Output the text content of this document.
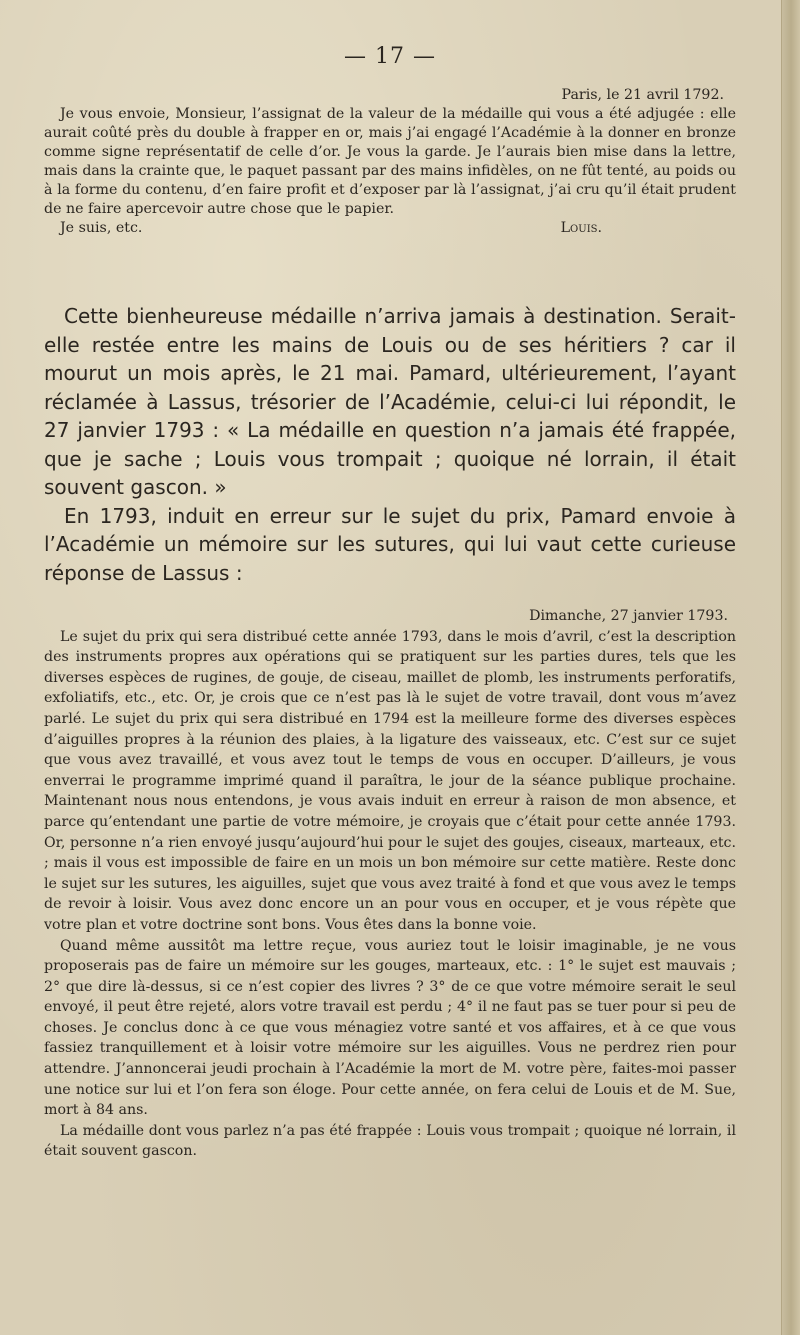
— 17 —

Paris, le 21 avril 1792.

Je vous envoie, Monsieur, l’assignat de la valeur de la médaille qui vous a été adjugée : elle aurait coûté près du double à frapper en or, mais j’ai engagé l’Académie à la donner en bronze comme signe représentatif de celle d’or. Je vous la garde. Je l’aurais bien mise dans la lettre, mais dans la crainte que, le paquet passant par des mains infidèles, on ne fût tenté, au poids ou à la forme du contenu, d’en faire profit et d’exposer par là l’assignat, j’ai cru qu’il était prudent de ne faire apercevoir autre chose que le papier.

Je suis, etc.	Louis.

Cette bienheureuse médaille n’arriva jamais à destination. Serait-elle restée entre les mains de Louis ou de ses héritiers ? car il mourut un mois après, le 21 mai. Pamard, ultérieurement, l’ayant réclamée à Lassus, trésorier de l’Académie, celui-ci lui répondit, le 27 janvier 1793 : « La médaille en question n’a jamais été frappée, que je sache ; Louis vous trompait ; quoique né lorrain, il était souvent gascon. »

En 1793, induit en erreur sur le sujet du prix, Pamard envoie à l’Académie un mémoire sur les sutures, qui lui vaut cette curieuse réponse de Lassus :

Dimanche, 27 janvier 1793.

Le sujet du prix qui sera distribué cette année 1793, dans le mois d’avril, c’est la description des instruments propres aux opérations qui se pratiquent sur les parties dures, tels que les diverses espèces de rugines, de gouje, de ciseau, maillet de plomb, les instruments perforatifs, exfoliatifs, etc., etc. Or, je crois que ce n’est pas là le sujet de votre travail, dont vous m’avez parlé. Le sujet du prix qui sera distribué en 1794 est la meilleure forme des diverses espèces d’aiguilles propres à la réunion des plaies, à la ligature des vaisseaux, etc. C’est sur ce sujet que vous avez travaillé, et vous avez tout le temps de vous en occuper. D’ailleurs, je vous enverrai le programme imprimé quand il paraîtra, le jour de la séance publique prochaine. Maintenant nous nous entendons, je vous avais induit en erreur à raison de mon absence, et parce qu’entendant une partie de votre mémoire, je croyais que c’était pour cette année 1793. Or, personne n’a rien envoyé jusqu’aujourd’hui pour le sujet des goujes, ciseaux, marteaux, etc. ; mais il vous est impossible de faire en un mois un bon mémoire sur cette matière. Reste donc le sujet sur les sutures, les aiguilles, sujet que vous avez traité à fond et que vous avez le temps de revoir à loisir. Vous avez donc encore un an pour vous en occuper, et je vous répète que votre plan et votre doctrine sont bons. Vous êtes dans la bonne voie.

Quand même aussitôt ma lettre reçue, vous auriez tout le loisir imaginable, je ne vous proposerais pas de faire un mémoire sur les gouges, marteaux, etc. : 1° le sujet est mauvais ; 2° que dire là-dessus, si ce n’est copier des livres ? 3° de ce que votre mémoire serait le seul envoyé, il peut être rejeté, alors votre travail est perdu ; 4° il ne faut pas se tuer pour si peu de choses. Je conclus donc à ce que vous ménagiez votre santé et vos affaires, et à ce que vous fassiez tranquillement et à loisir votre mémoire sur les aiguilles. Vous ne perdrez rien pour attendre. J’annoncerai jeudi prochain à l’Académie la mort de M. votre père, faites-moi passer une notice sur lui et l’on fera son éloge. Pour cette année, on fera celui de Louis et de M. Sue, mort à 84 ans.

La médaille dont vous parlez n’a pas été frappée : Louis vous trompait ; quoique né lorrain, il était souvent gascon.
